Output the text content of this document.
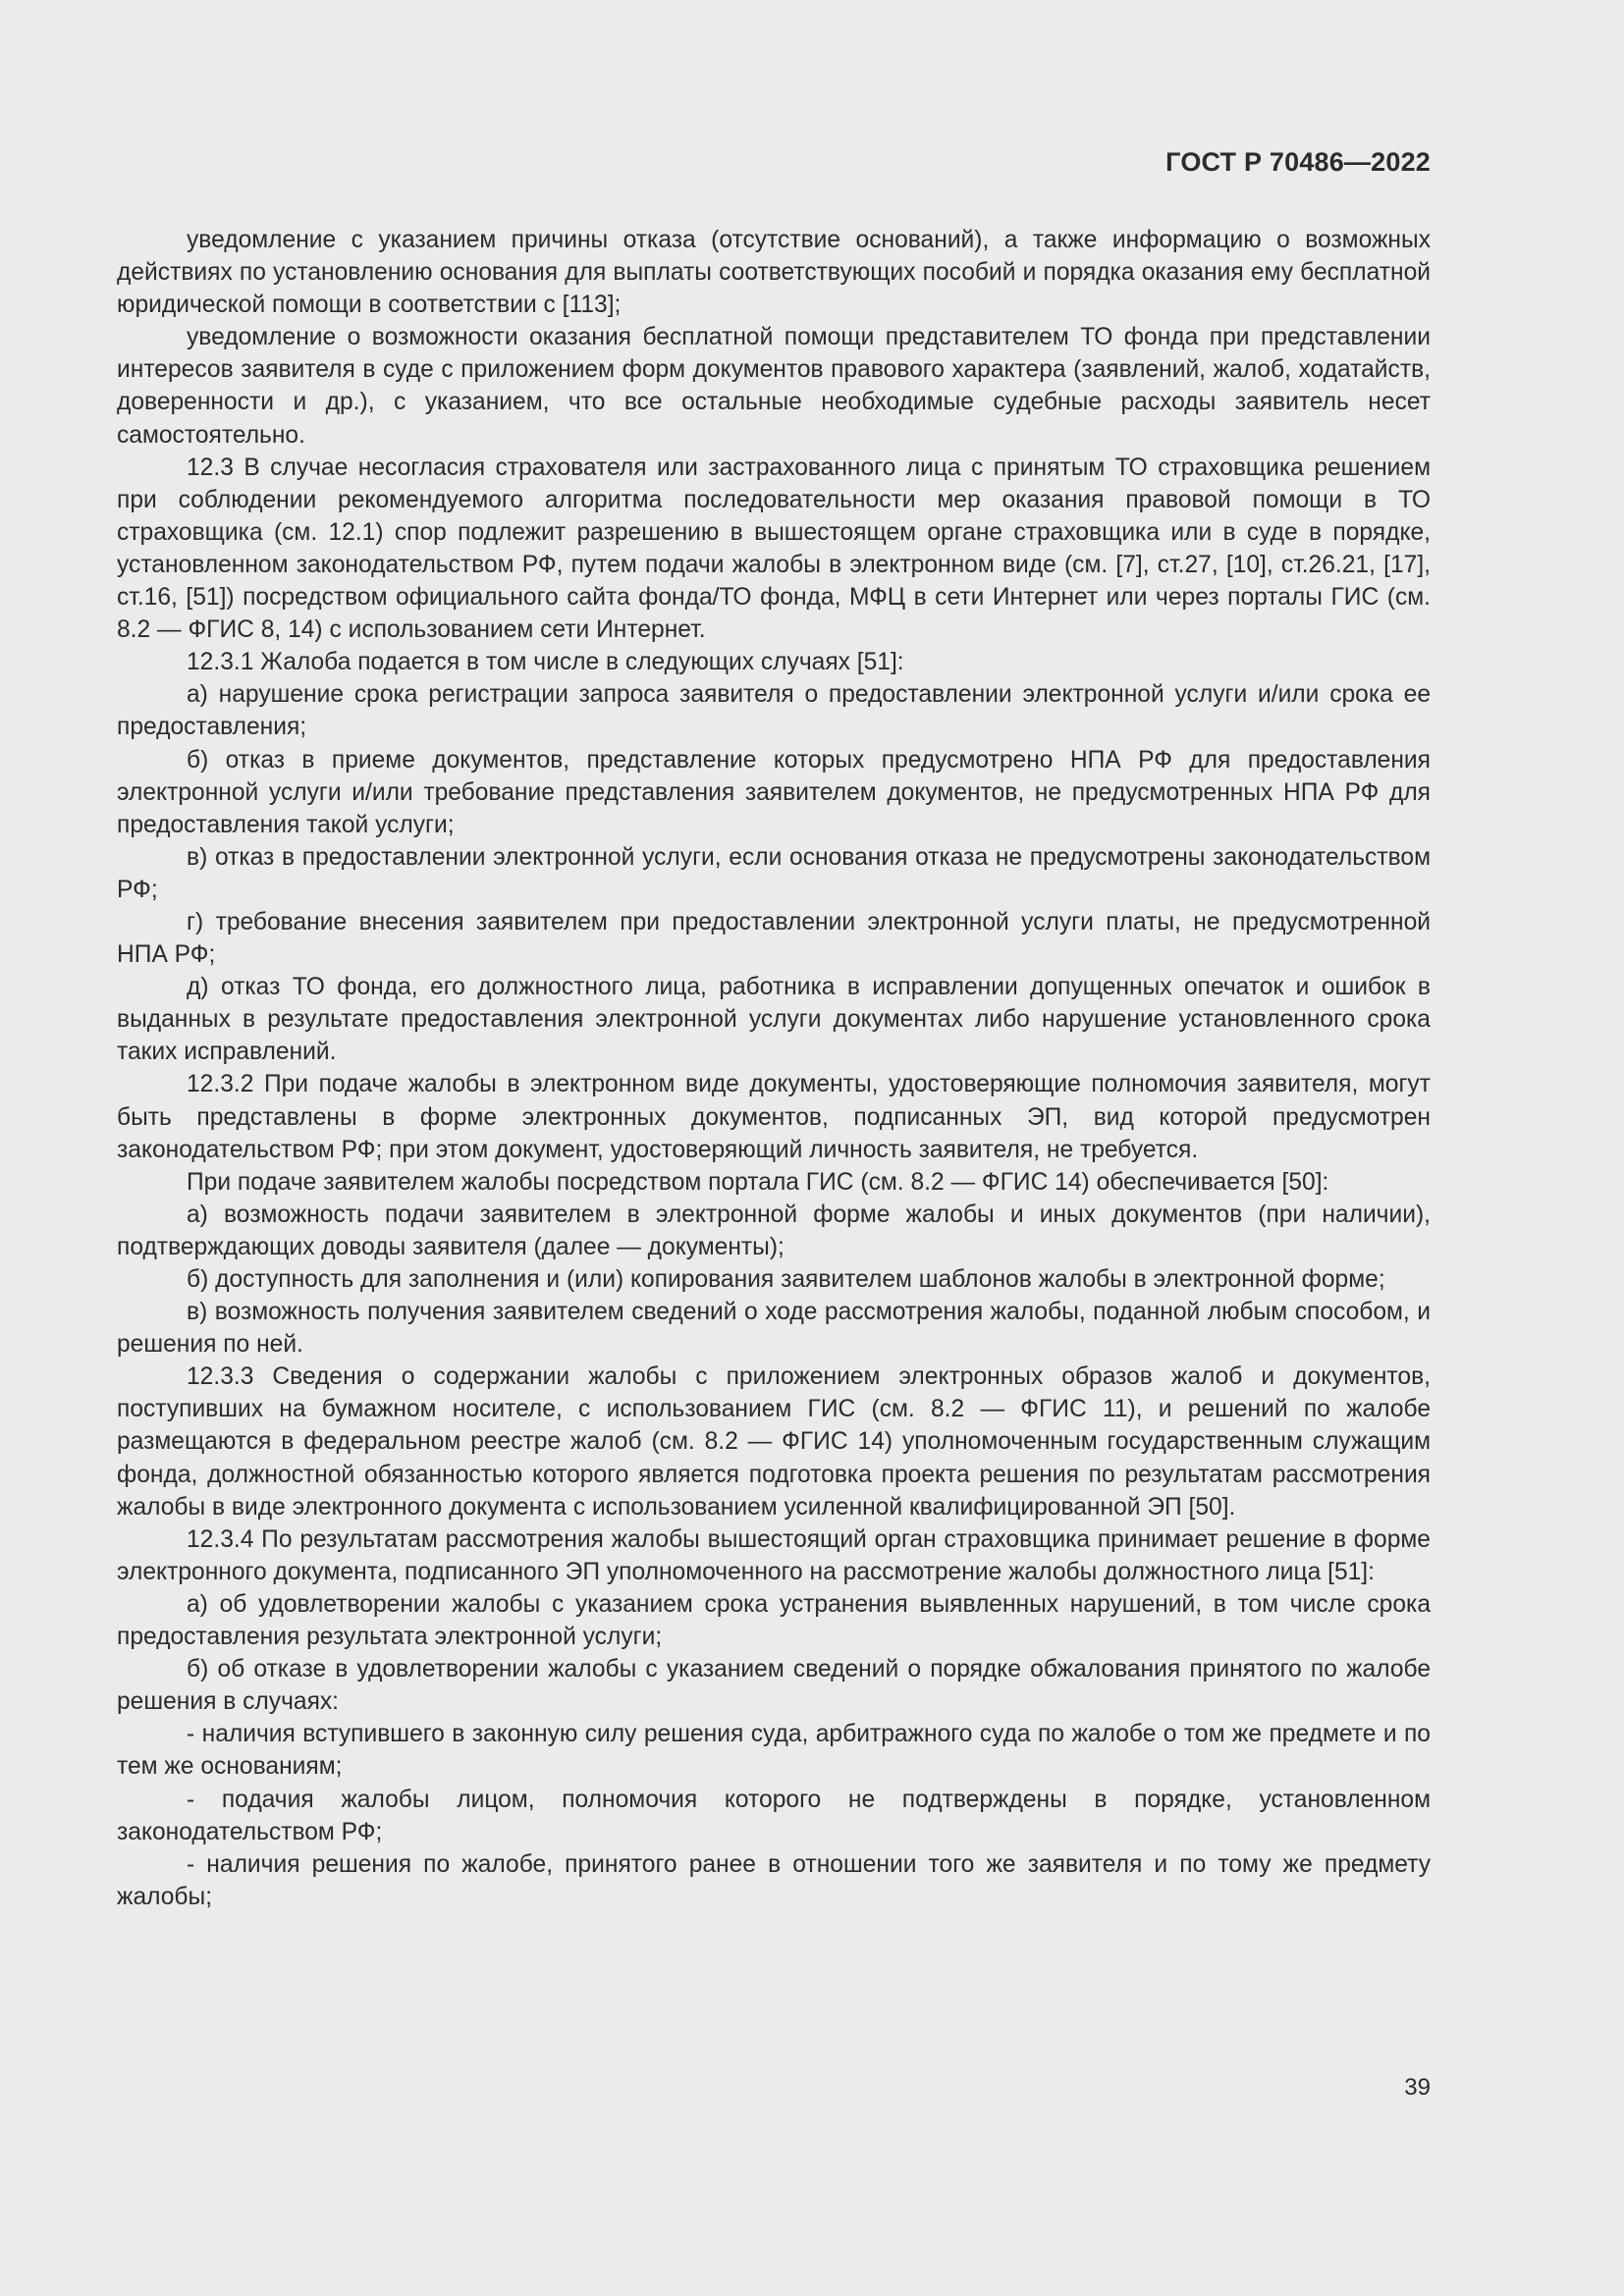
ГОСТ Р 70486—2022

уведомление с указанием причины отказа (отсутствие оснований), а также информацию о возможных действиях по установлению основания для выплаты соответствующих пособий и порядка оказания ему бесплатной юридической помощи в соответствии с [113];

уведомление о возможности оказания бесплатной помощи представителем ТО фонда при представлении интересов заявителя в суде с приложением форм документов правового характера (заявлений, жалоб, ходатайств, доверенности и др.), с указанием, что все остальные необходимые судебные расходы заявитель несет самостоятельно.

12.3 В случае несогласия страхователя или застрахованного лица с принятым ТО страховщика решением при соблюдении рекомендуемого алгоритма последовательности мер оказания правовой помощи в ТО страховщика (см. 12.1) спор подлежит разрешению в вышестоящем органе страховщика или в суде в порядке, установленном законодательством РФ, путем подачи жалобы в электронном виде (см. [7], ст.27, [10], ст.26.21, [17], ст.16, [51]) посредством официального сайта фонда/ТО фонда, МФЦ в сети Интернет или через порталы ГИС (см. 8.2 — ФГИС 8, 14) с использованием сети Интернет.

12.3.1 Жалоба подается в том числе в следующих случаях [51]:

а) нарушение срока регистрации запроса заявителя о предоставлении электронной услуги и/или срока ее предоставления;

б) отказ в приеме документов, представление которых предусмотрено НПА РФ для предоставления электронной услуги и/или требование представления заявителем документов, не предусмотренных НПА РФ для предоставления такой услуги;

в) отказ в предоставлении электронной услуги, если основания отказа не предусмотрены законодательством РФ;

г) требование внесения заявителем при предоставлении электронной услуги платы, не предусмотренной НПА РФ;

д) отказ ТО фонда, его должностного лица, работника в исправлении допущенных опечаток и ошибок в выданных в результате предоставления электронной услуги документах либо нарушение установленного срока таких исправлений.

12.3.2 При подаче жалобы в электронном виде документы, удостоверяющие полномочия заявителя, могут быть представлены в форме электронных документов, подписанных ЭП, вид которой предусмотрен законодательством РФ; при этом документ, удостоверяющий личность заявителя, не требуется.

При подаче заявителем жалобы посредством портала ГИС (см. 8.2 — ФГИС 14) обеспечивается [50]:

а) возможность подачи заявителем в электронной форме жалобы и иных документов (при наличии), подтверждающих доводы заявителя (далее — документы);

б) доступность для заполнения и (или) копирования заявителем шаблонов жалобы в электронной форме;

в) возможность получения заявителем сведений о ходе рассмотрения жалобы, поданной любым способом, и решения по ней.

12.3.3 Сведения о содержании жалобы с приложением электронных образов жалоб и документов, поступивших на бумажном носителе, с использованием ГИС (см. 8.2 — ФГИС 11), и решений по жалобе размещаются в федеральном реестре жалоб (см. 8.2 — ФГИС 14) уполномоченным государственным служащим фонда, должностной обязанностью которого является подготовка проекта решения по результатам рассмотрения жалобы в виде электронного документа с использованием усиленной квалифицированной ЭП [50].

12.3.4 По результатам рассмотрения жалобы вышестоящий орган страховщика принимает решение в форме электронного документа, подписанного ЭП уполномоченного на рассмотрение жалобы должностного лица [51]:

а) об удовлетворении жалобы с указанием срока устранения выявленных нарушений, в том числе срока предоставления результата электронной услуги;

б) об отказе в удовлетворении жалобы с указанием сведений о порядке обжалования принятого по жалобе решения в случаях:

- наличия вступившего в законную силу решения суда, арбитражного суда по жалобе о том же предмете и по тем же основаниям;

- подачия жалобы лицом, полномочия которого не подтверждены в порядке, установленном законодательством РФ;

- наличия решения по жалобе, принятого ранее в отношении того же заявителя и по тому же предмету жалобы;

39
